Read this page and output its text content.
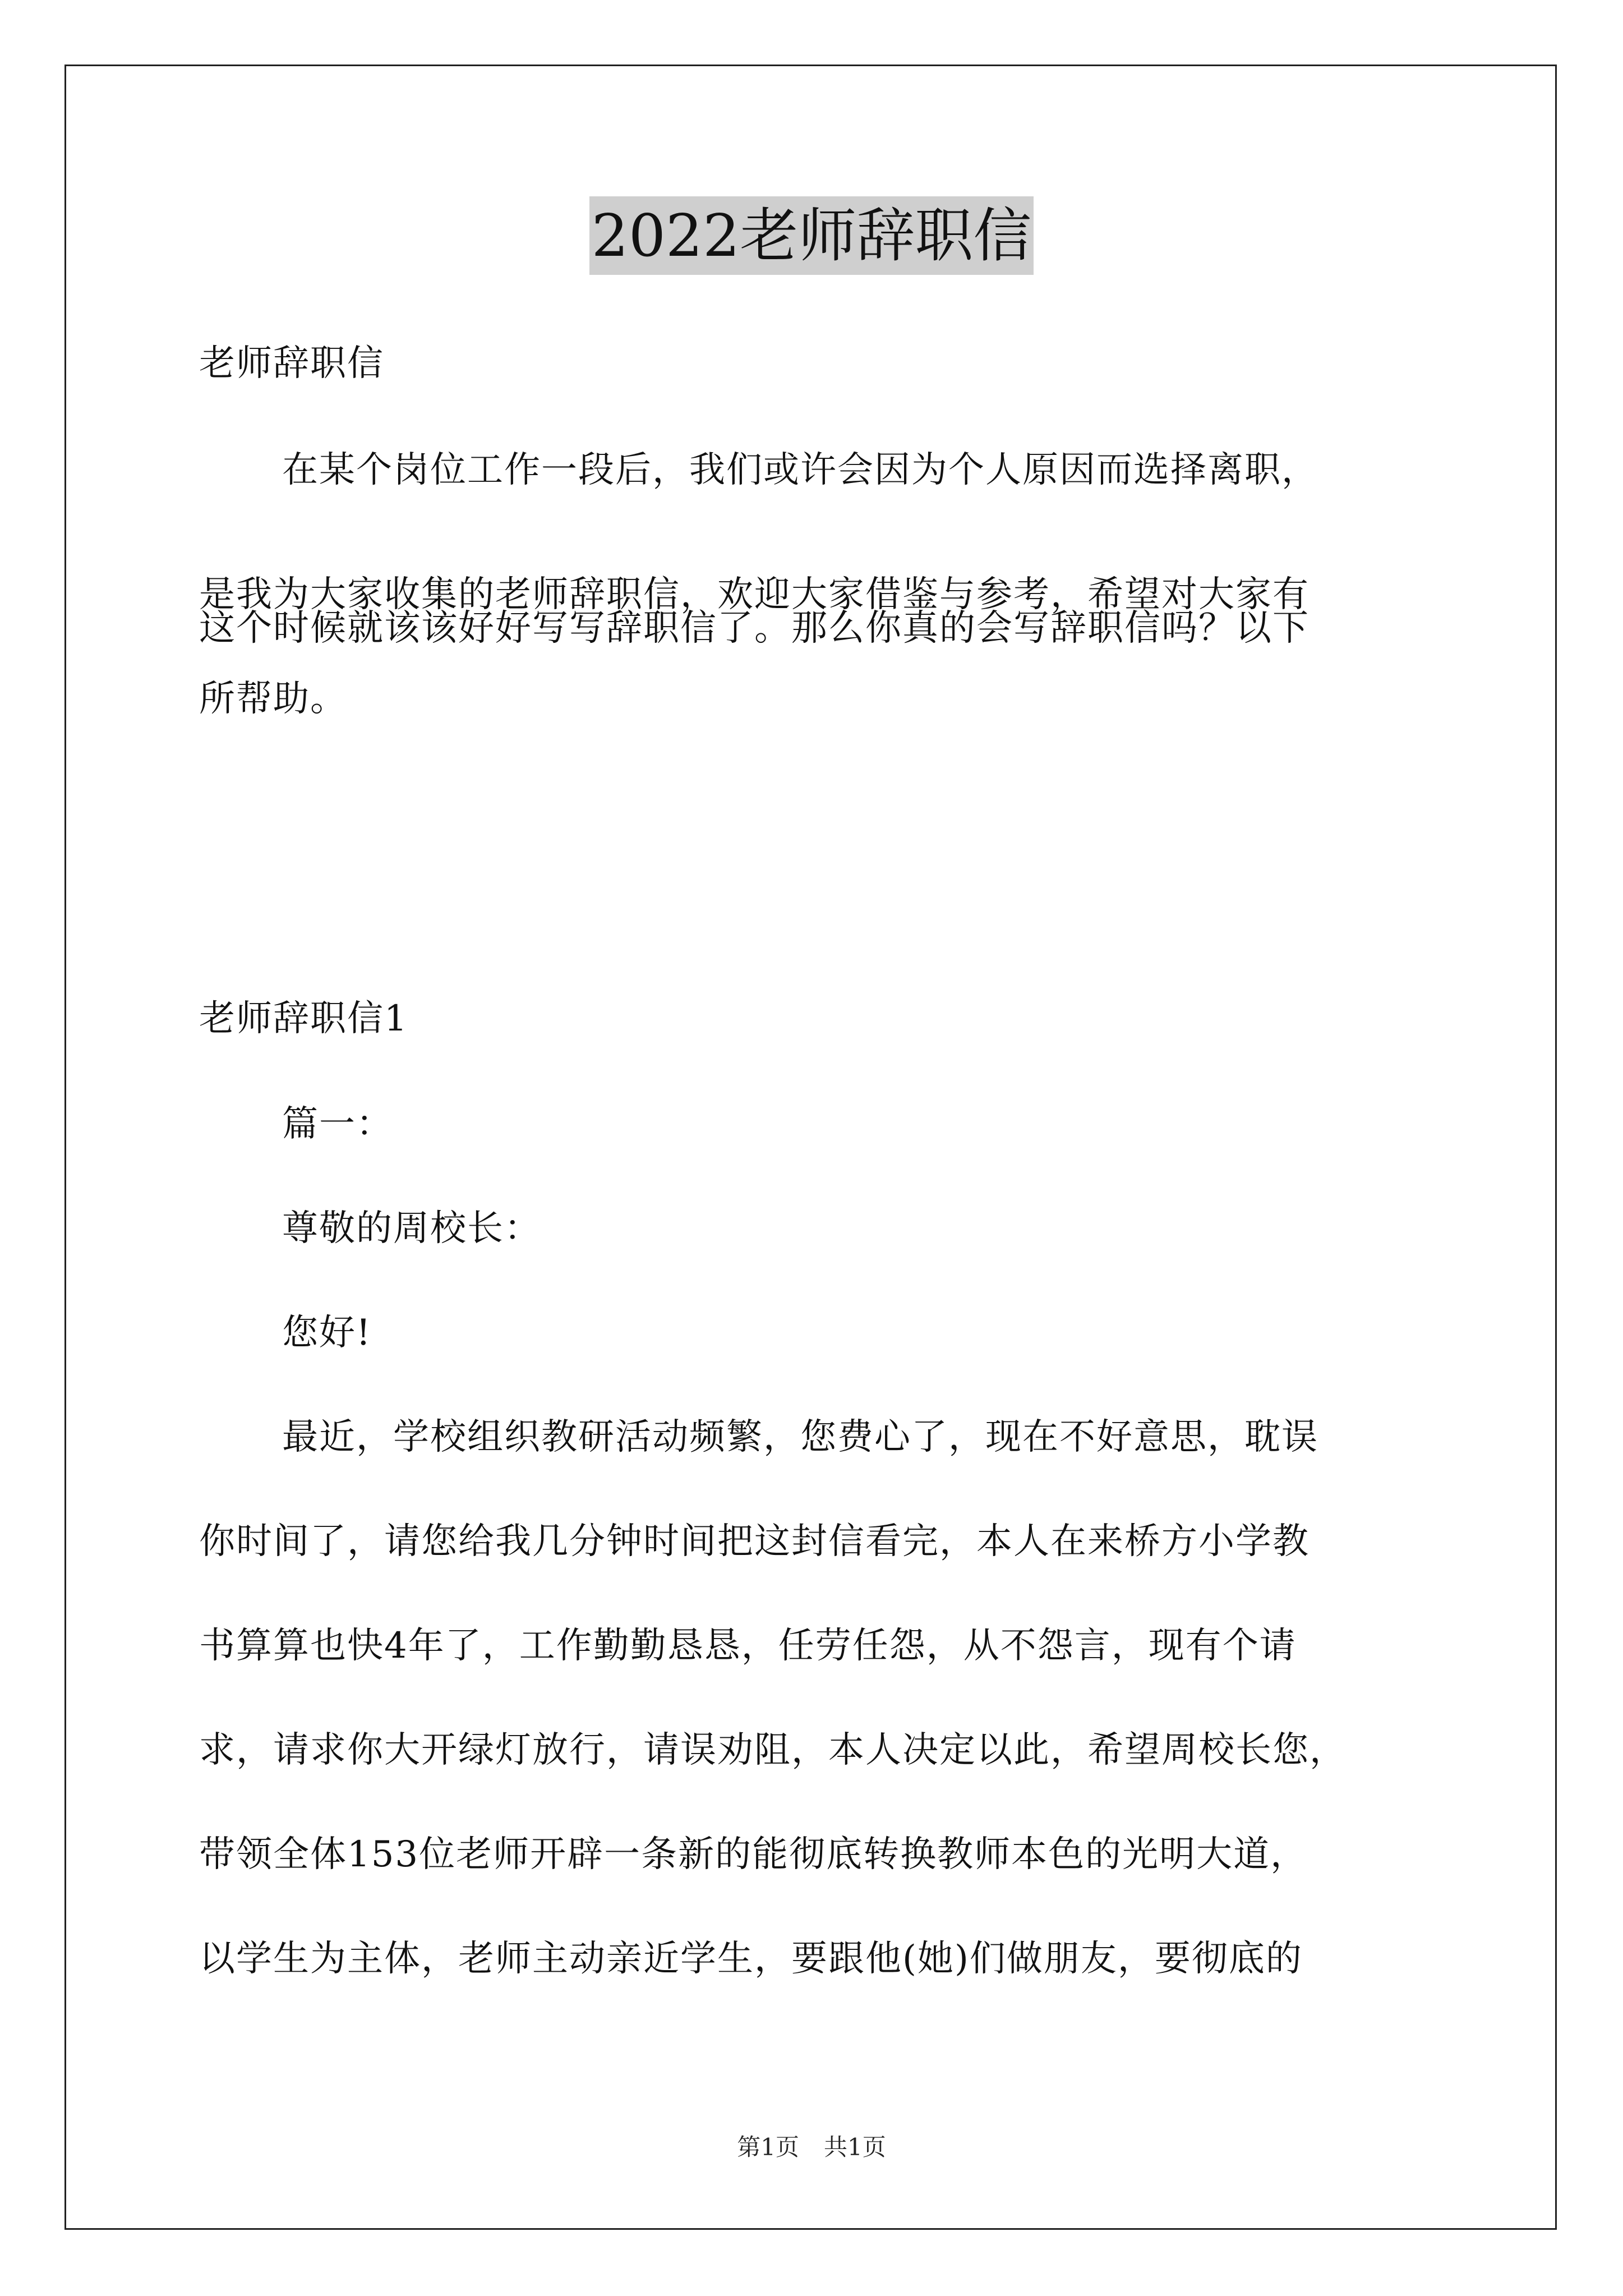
2022老师辞职信
老师辞职信
在某个岗位工作一段后，我们或许会因为个人原因而选择离职，
这个时候就该该好好写写辞职信了。那么你真的会写辞职信吗？以下
是我为大家收集的老师辞职信，欢迎大家借鉴与参考，希望对大家有
所帮助。
老师辞职信1
篇一：
尊敬的周校长：
您好!
最近，学校组织教研活动频繁，您费心了，现在不好意思，耽误
你时间了，请您给我几分钟时间把这封信看完，本人在来桥方小学教
书算算也快4年了，工作勤勤恳恳，任劳任怨，从不怨言，现有个请
求，请求你大开绿灯放行，请误劝阻，本人决定以此，希望周校长您，
带领全体153位老师开辟一条新的能彻底转换教师本色的光明大道，
以学生为主体，老师主动亲近学生，要跟他(她)们做朋友，要彻底的
第1页 共1页
